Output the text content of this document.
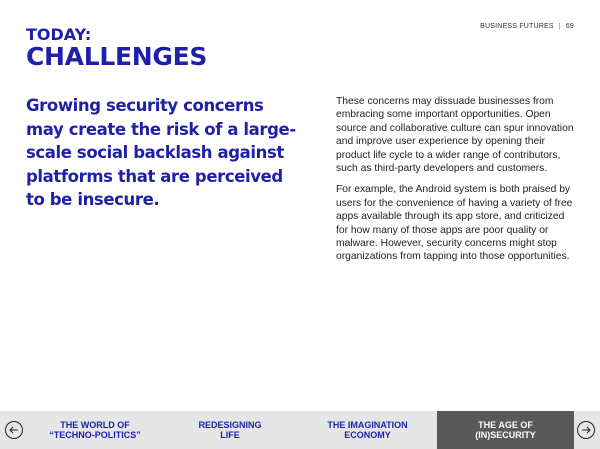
BUSINESS FUTURES | 69
TODAY:
CHALLENGES

Growing security concerns may create the risk of a large-scale social backlash against platforms that are perceived to be insecure.

These concerns may dissuade businesses from embracing some important opportunities. Open source and collaborative culture can spur innovation and improve user experience by opening their product life cycle to a wider range of contributors, such as third-party developers and customers.

For example, the Android system is both praised by users for the convenience of having a variety of free apps available through its app store, and criticized for how many of those apps are poor quality or malware. However, security concerns might stop organizations from tapping into those opportunities.

THE WORLD OF
“TECHNO-POLITICS”
REDESIGNING
LIFE
THE IMAGINATION
ECONOMY
THE AGE OF
(IN)SECURITY
